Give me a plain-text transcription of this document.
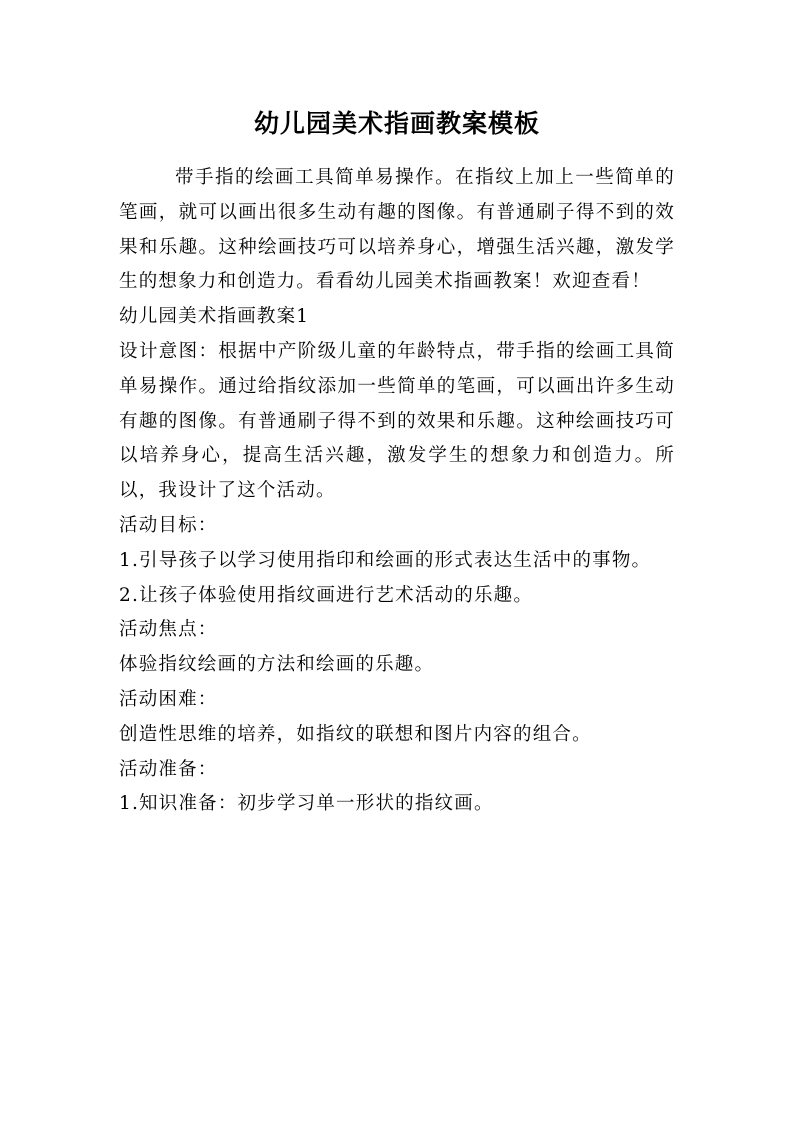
幼儿园美术指画教案模板

带手指的绘画工具简单易操作。在指纹上加上一些简单的笔画，就可以画出很多生动有趣的图像。有普通刷子得不到的效果和乐趣。这种绘画技巧可以培养身心，增强生活兴趣，激发学生的想象力和创造力。看看幼儿园美术指画教案！欢迎查看！

幼儿园美术指画教案1

设计意图：根据中产阶级儿童的年龄特点，带手指的绘画工具简单易操作。通过给指纹添加一些简单的笔画，可以画出许多生动有趣的图像。有普通刷子得不到的效果和乐趣。这种绘画技巧可以培养身心，提高生活兴趣，激发学生的想象力和创造力。所以，我设计了这个活动。

活动目标：

1.引导孩子以学习使用指印和绘画的形式表达生活中的事物。

2.让孩子体验使用指纹画进行艺术活动的乐趣。

活动焦点：

体验指纹绘画的方法和绘画的乐趣。

活动困难：

创造性思维的培养，如指纹的联想和图片内容的组合。

活动准备：

1.知识准备：初步学习单一形状的指纹画。
